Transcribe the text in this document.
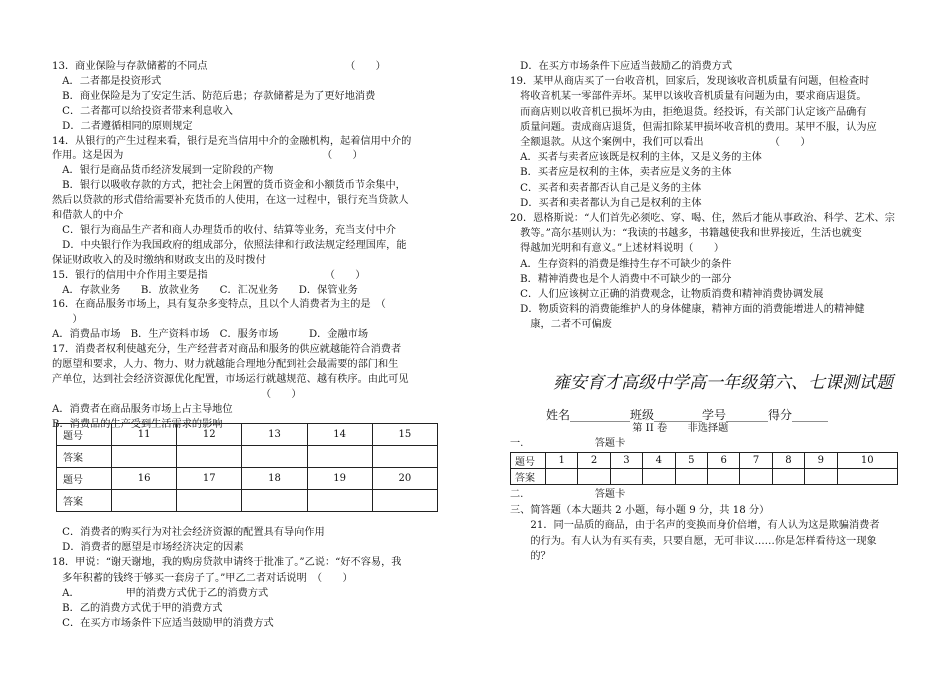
13．商业保险与存款储蓄的不同点　　　　　　　　　　　　　　（　　）
　A．二者都是投资形式
　B．商业保险是为了安定生活、防范后患；存款储蓄是为了更好地消费
　C．二者都可以给投资者带来利息收入
　D．二者遵循相同的原则规定
14．从银行的产生过程来看，银行是充当信用中介的金融机构，起着信用中介的
作用。这是因为　　　　　　　　　　　　　　　　　　　　（　　）
　A．银行是商品货币经济发展到一定阶段的产物
　B．银行以吸收存款的方式，把社会上闲置的货币资金和小额货币节余集中，
然后以贷款的形式借给需要补充货币的人使用，在这一过程中，银行充当贷款人
和借款人的中介
　C．银行为商品生产者和商人办理货币的收付、结算等业务，充当支付中介
　D．中央银行作为我国政府的组成部分，依照法律和行政法规定经理国库，能
保证财政收入的及时缴纳和财政支出的及时拨付
15．银行的信用中介作用主要是指　　　　　　　　　　　　（　　）
　A．存款业务　　B．放款业务　　C．汇况业务　　D．保管业务
16．在商品服务市场上，具有复杂多变特点，且以个人消费者为主的是　（
　　）
A．消费品市场　B．生产资料市场　C．服务市场　　　D．金融市场
17．消费者权利使越充分，生产经营者对商品和服务的供应就越能符合消费者
的愿望和要求，人力、物力、财力就越能合理地分配到社会最需要的部门和生
产单位，达到社会经济资源优化配置，市场运行就越规范、越有秩序。由此可见
　　　　　　　　　　　　　　　　　　　　　（　　）
A．消费者在商品服务市场上占主导地位
B．消费品的生产受到生活需求的影响
题号	11	12	13	14	15
答案					
题号	16	17	18	19	20
答案					
　C．消费者的购买行为对社会经济资源的配置具有导向作用
　D．消费者的愿望是市场经济决定的因素
18．甲说：“谢天谢地，我的购房贷款申请终于批准了。”乙说：“好不容易，我
　多年积蓄的钱终于够买一套房子了。”甲乙二者对话说明　（　　）
　A．　　　　　甲的消费方式优于乙的消费方式
　B．乙的消费方式优于甲的消费方式
　C．在买方市场条件下应适当鼓励甲的消费方式
　D．在买方市场条件下应适当鼓励乙的消费方式
19．某甲从商店买了一台收音机，回家后，发现该收音机质量有问题，但检查时
　将收音机某一零部件弄坏。某甲以该收音机质量有问题为由，要求商店退货。
　而商店则以收音机已损坏为由，拒绝退货。经投诉，有关部门认定该产品确有
　质量问题。责成商店退货，但需扣除某甲损坏收音机的费用。某甲不服，认为应
　全额退款。从这个案例中，我们可以看出　　　　　　　（　　）
　A．买者与卖者应该既是权利的主体，又是义务的主体
　B．买者应是权利的主体，卖者应是义务的主体
　C．买者和卖者都否认自己是义务的主体
　D．买者和卖者都认为自己是权利的主体
20．恩格斯说：“人们首先必须吃、穿、喝、住，然后才能从事政治、科学、艺术、宗
　教等。”高尔基则认为：“我读的书越多，书籍越使我和世界接近，生活也就变
　得越加光明和有意义。”上述材料说明（　　）
　A．生存资料的消费是维持生存不可缺少的条件
　B．精神消费也是个人消费中不可缺少的一部分
　C．人们应该树立正确的消费观念，让物质消费和精神消费协调发展
　D．物质资料的消费能维护人的身体健康，精神方面的消费能增进人的精神健
　　康，二者不可偏废
雍安育才高级中学高一年级第六、七课测试题
姓名__________班级________学号_______得分______
　　　　　　　　　　　　第 II 卷　　非选择题
一.　　　　　　　答题卡
题号	1	2	3	4	5	6	7	8	9	10
答案										
二.　　　　　　　答题卡
三、简答题（本大题共 2 小题，每小题 9 分，共 18 分）
　　21．同一品质的商品，由于名声的变换而身价倍增，有人认为这是欺骗消费者
　　的行为。有人认为有买有卖，只要自愿，无可非议……你是怎样看待这一现象
　　的？
